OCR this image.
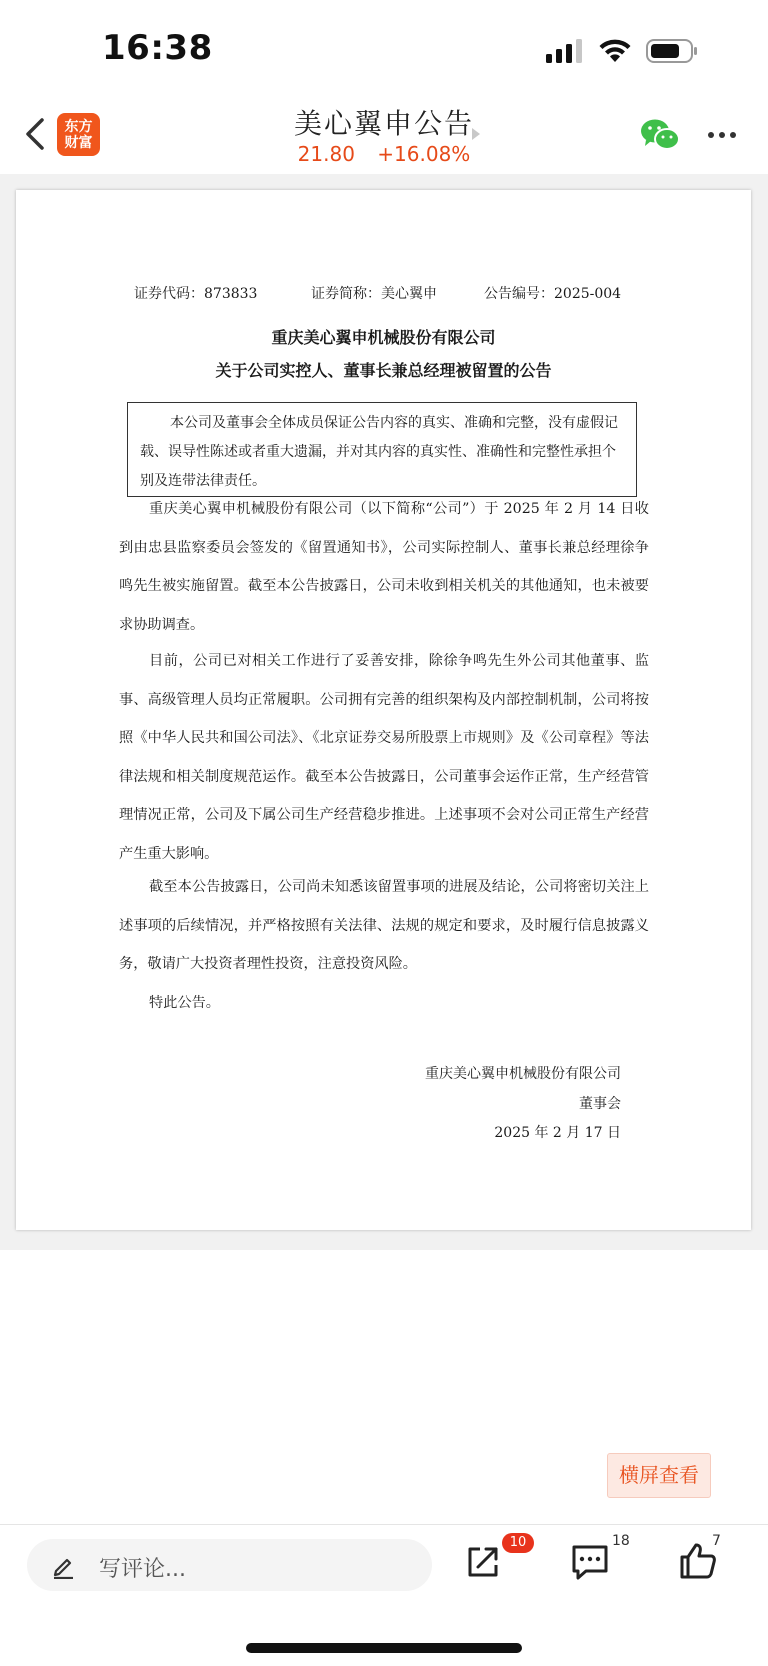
16:38
东方
财富
美心翼申公告
21.80 +16.08%
证券代码：873833	证券简称：美心翼申	公告编号：2025-004
重庆美心翼申机械股份有限公司
关于公司实控人、董事长兼总经理被留置的公告
本公司及董事会全体成员保证公告内容的真实、准确和完整，没有虚假记载、误导性陈述或者重大遗漏，并对其内容的真实性、准确性和完整性承担个别及连带法律责任。
重庆美心翼申机械股份有限公司（以下简称“公司”）于 2025 年 2 月 14 日收到由忠县监察委员会签发的《留置通知书》，公司实际控制人、董事长兼总经理徐争鸣先生被实施留置。截至本公告披露日，公司未收到相关机关的其他通知，也未被要求协助调查。
目前，公司已对相关工作进行了妥善安排，除徐争鸣先生外公司其他董事、监事、高级管理人员均正常履职。公司拥有完善的组织架构及内部控制机制，公司将按照《中华人民共和国公司法》、《北京证券交易所股票上市规则》及《公司章程》等法律法规和相关制度规范运作。截至本公告披露日，公司董事会运作正常，生产经营管理情况正常，公司及下属公司生产经营稳步推进。上述事项不会对公司正常生产经营产生重大影响。
截至本公告披露日，公司尚未知悉该留置事项的进展及结论，公司将密切关注上述事项的后续情况，并严格按照有关法律、法规的规定和要求，及时履行信息披露义务，敬请广大投资者理性投资，注意投资风险。
特此公告。
重庆美心翼申机械股份有限公司
董事会
2025 年 2 月 17 日
横屏查看
写评论...
10	18	7
